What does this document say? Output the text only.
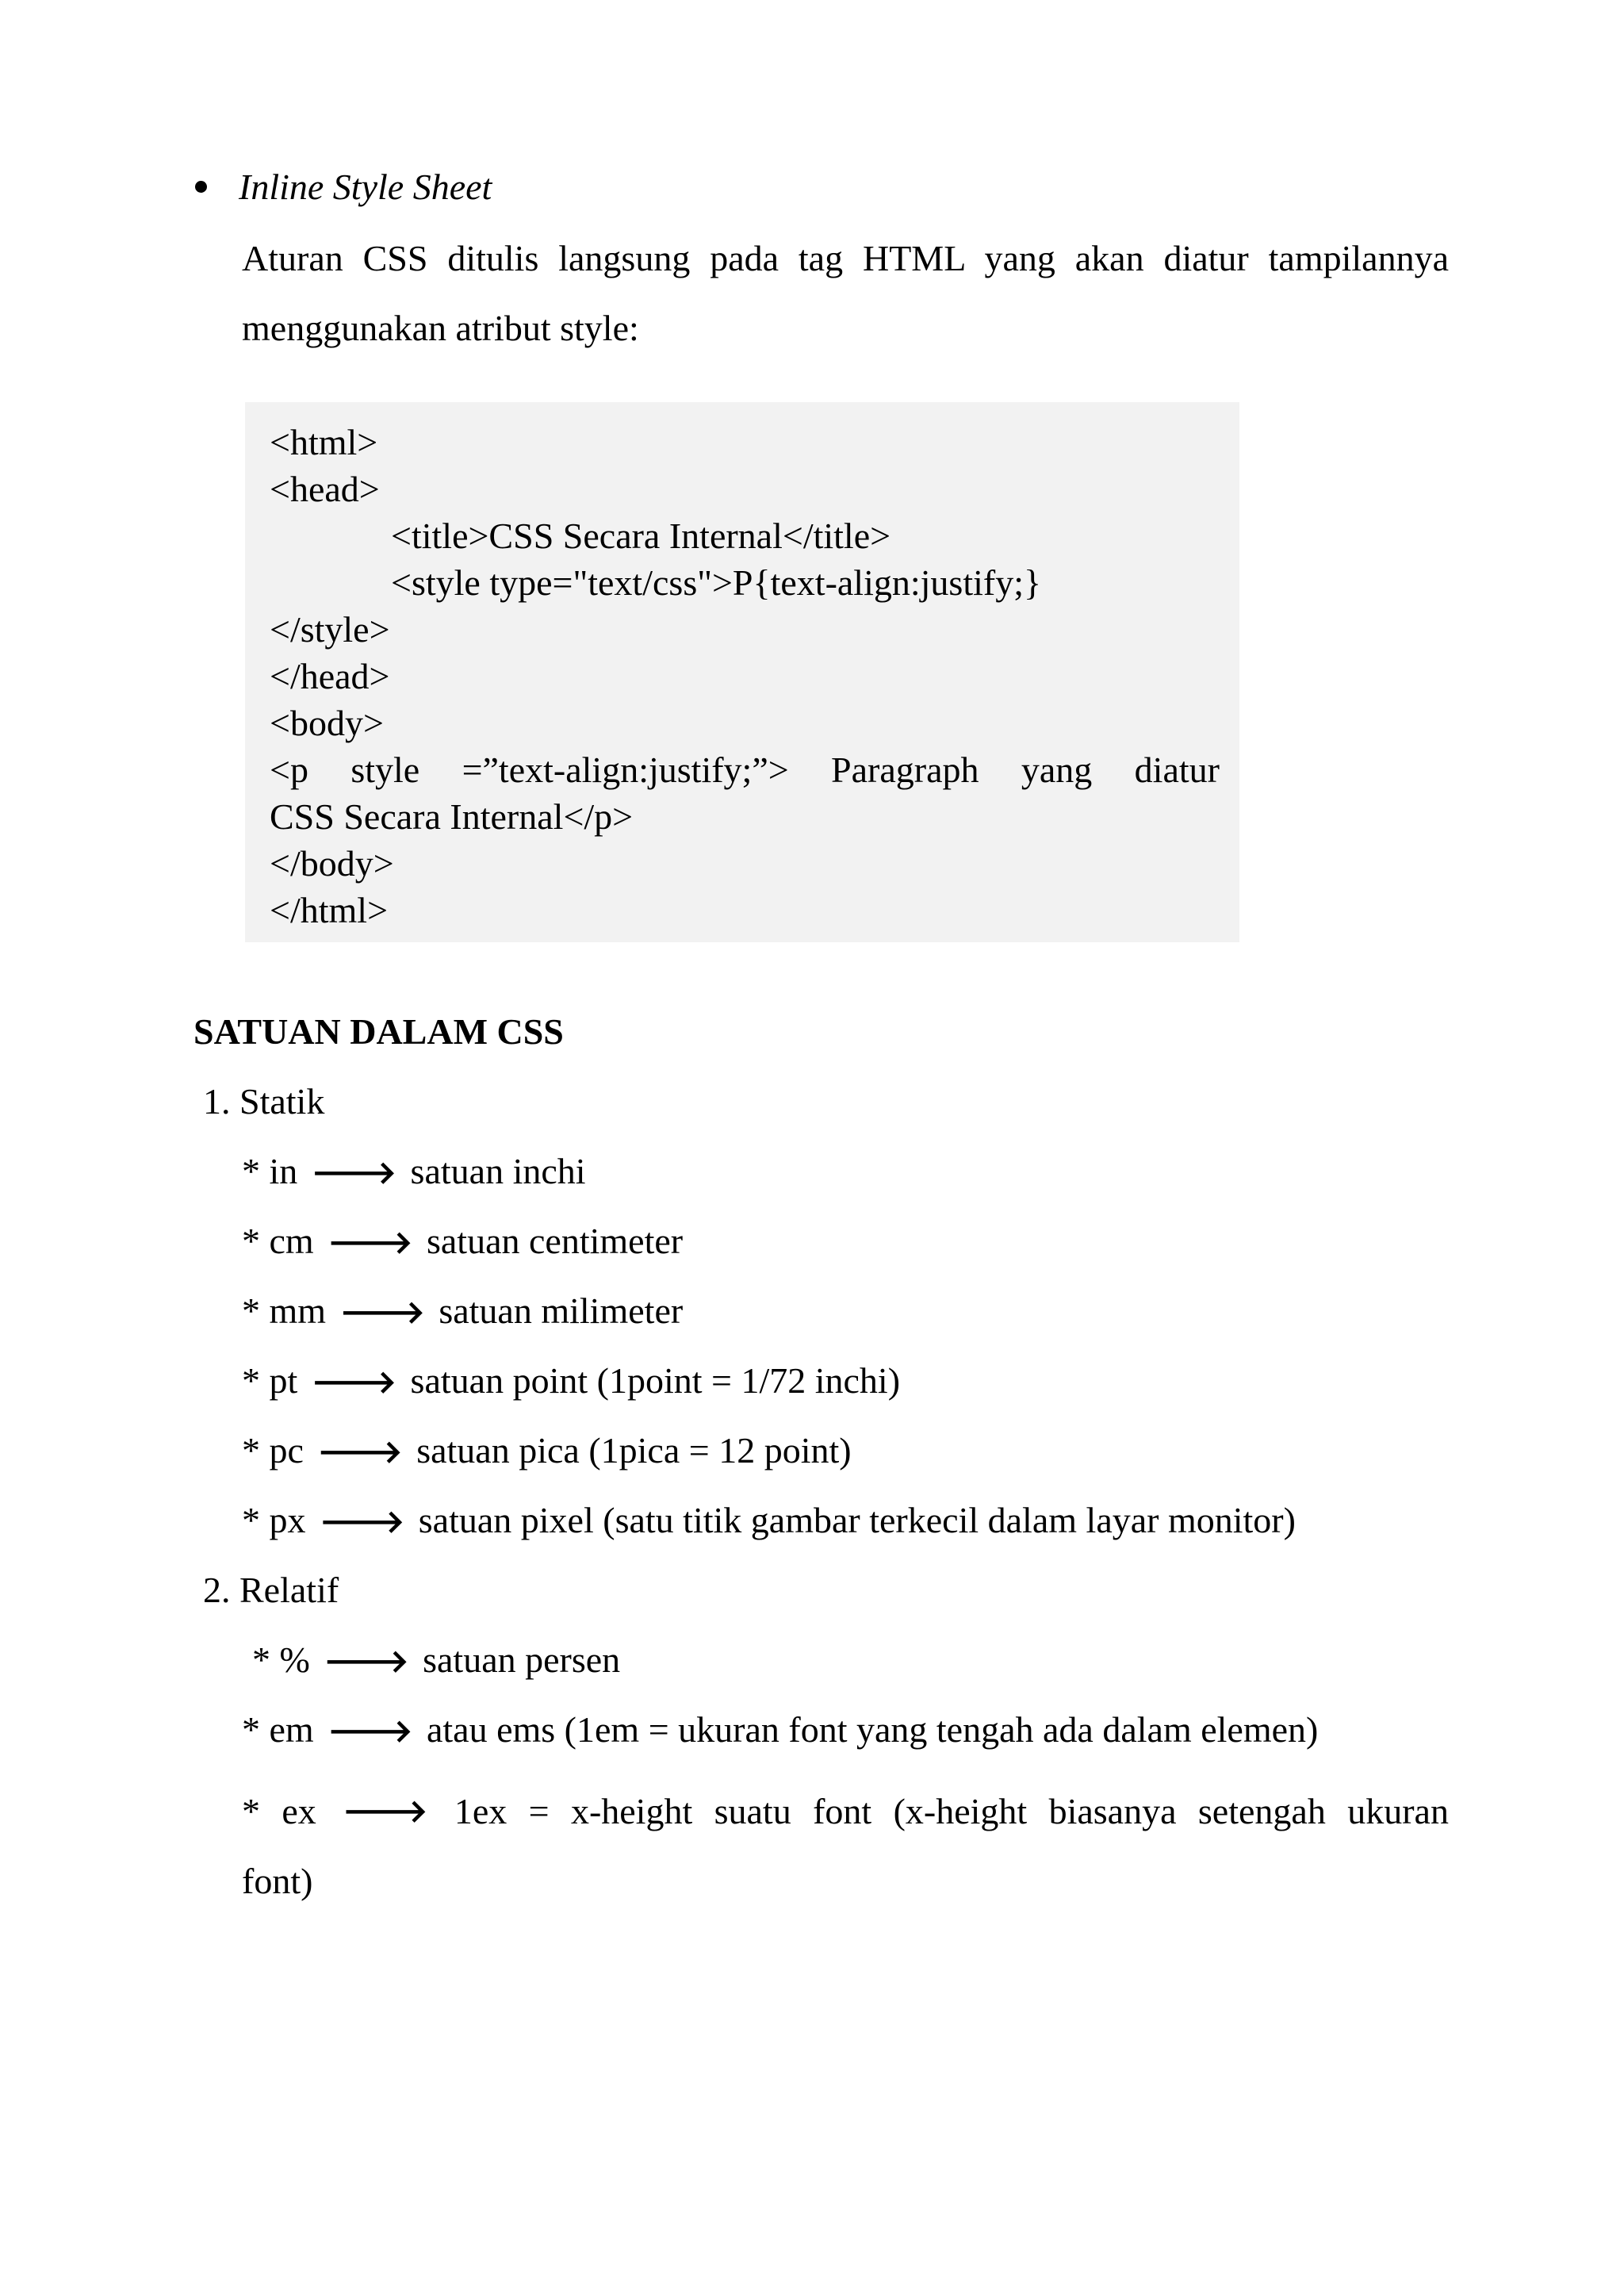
Inline Style Sheet
Aturan CSS ditulis langsung pada tag HTML yang akan diatur tampilannya menggunakan atribut style:
<html>
<head>
<title>CSS Secara Internal</title>
<style type="text/css">P{text-align:justify;}
</style>
</head>
<body>
<p style =”text-align:justify;”> Paragraph yang diatur
CSS Secara Internal</p>
</body>
</html>
SATUAN DALAM CSS
1. Statik
* in 🡒 satuan inchi
* cm 🡒 satuan centimeter
* mm 🡒 satuan milimeter
* pt 🡒 satuan point (1point = 1/72 inchi)
* pc 🡒 satuan pica (1pica = 12 point)
* px 🡒 satuan pixel (satu titik gambar terkecil dalam layar monitor)
2. Relatif
* % 🡒 satuan persen
* em 🡒 atau ems (1em = ukuran font yang tengah ada dalam elemen)
* ex 🡒 1ex = x-height suatu font (x-height biasanya setengah ukuran
font)
